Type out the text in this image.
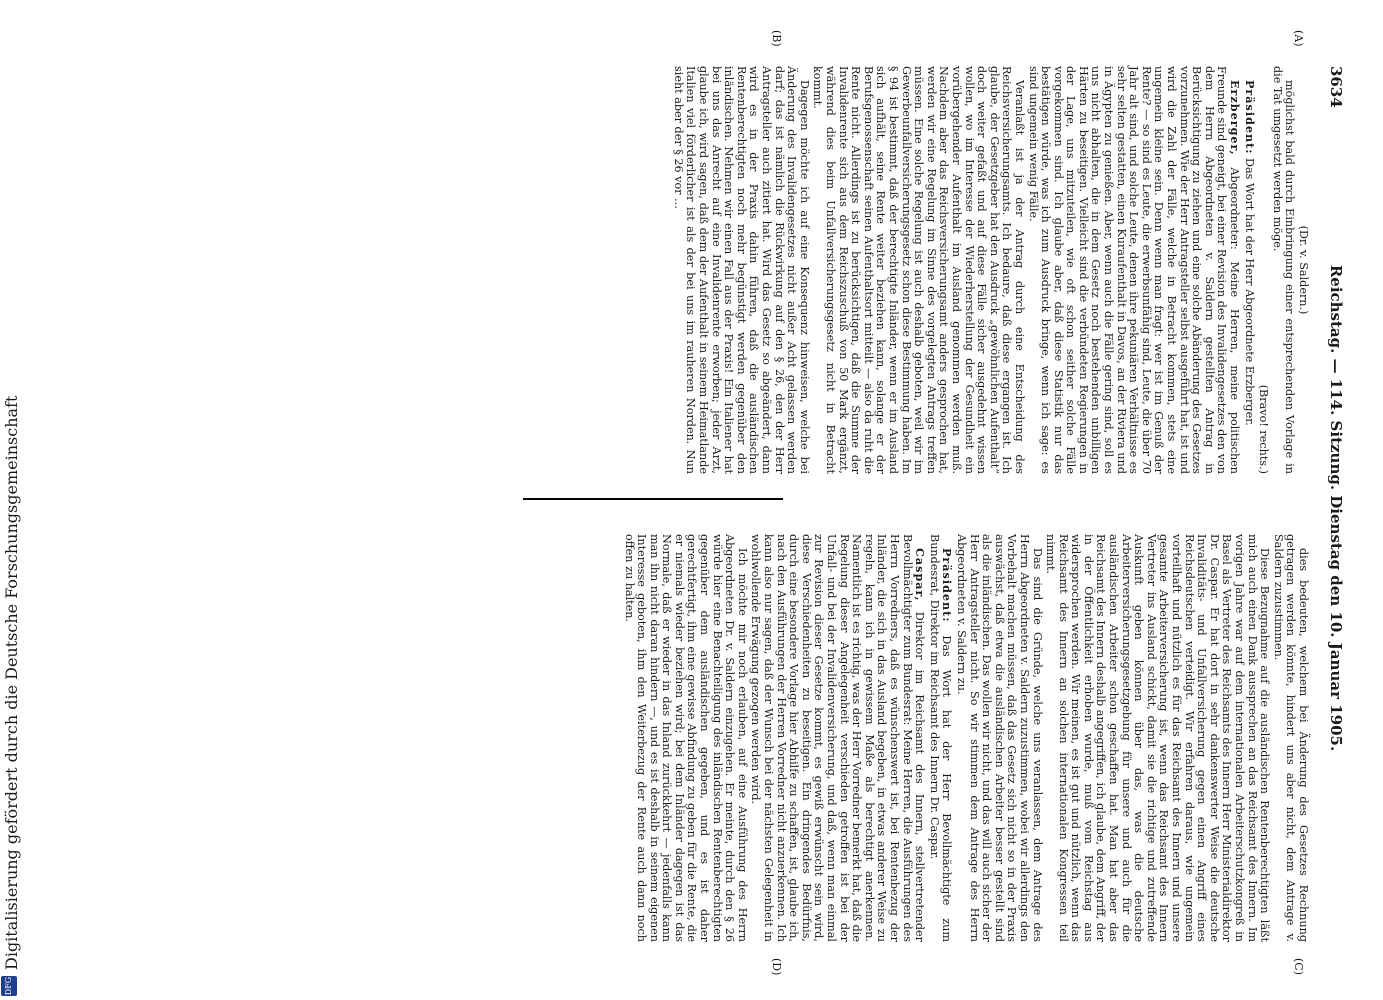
3634
Reichstag. — 114. Sitzung. Dienstag den 10. Januar 1905.
(A)
(B)
(C)
(D)

(Dr. v. Saldern.)

möglichst bald durch Einbringung einer entsprechenden Vorlage in die Tat umgesetzt werden möge.

(Bravo! rechts.)

Präsident: Das Wort hat der Herr Abgeordnete Erzberger.

Erzberger, Abgeordneter: Meine Herren, meine politischen Freunde sind geneigt, bei einer Revision des Invalidengesetzes den von dem Herrn Abgeordneten v. Saldern gestellten Antrag in Berücksichtigung zu ziehen und eine solche Abänderung des Gesetzes vorzunehmen. Wie der Herr Antragsteller selbst ausgeführt hat, ist und wird die Zahl der Fälle, welche in Betracht kommen, stets eine ungemein kleine sein. Denn wenn man fragt: wer ist im Genuß der Rente? — so sind es Leute, die erwerbsunfähig sind, Leute, die über 70 Jahr alt sind, und solche Leute, denen ihre pekuniären Verhältnisse es sehr selten gestatten, einen Kuraufenthalt in Davos, an der Riviera und in Ägypten zu genießen. Aber, wenn auch die Fälle gering sind, soll es uns nicht abhalten, die in dem Gesetz noch bestehenden unbilligen Härten zu beseitigen. Vielleicht sind die verbündeten Regierungen in der Lage, uns mitzuteilen, wie oft schon seither solche Fälle vorgekommen sind. Ich glaube aber, daß diese Statistik nur das bestätigen würde, was ich zum Ausdruck bringe, wenn ich sage: es sind ungemein wenig Fälle.

Veranlaßt ist ja der Antrag durch eine Entscheidung des Reichsversicherungsamts. Ich bedaure, daß diese ergangen ist. Ich glaube, der Gesetzgeber hat den Ausdruck „gewöhnlichen Aufenthalt“ doch weiter gefaßt und auf diese Fälle sicher ausgedehnt wissen wollen, wo im Interesse der Wiederherstellung der Gesundheit ein vorübergehender Aufenthalt im Ausland genommen werden muß. Nachdem aber das Reichsversicherungsamt anders gesprochen hat, werden wir eine Regelung im Sinne des vorgelegten Antrags treffen müssen. Eine solche Regelung ist auch deshalb geboten, weil wir im Gewerbeunfallversicherungsgesetz schon diese Bestimmung haben. Im § 94 ist bestimmt, daß der berechtigte Inländer, wenn er im Ausland sich aufhält, seine Rente weiter beziehen kann, solange er der Berufsgenossenschaft seinen Aufenthaltsort mitteilt — also da ruht die Rente nicht. Allerdings ist zu berücksichtigen, daß die Summe der Invalidenrente sich aus dem Reichszuschuß von 50 Mark ergänzt, während dies beim Unfallversicherungsgesetz nicht in Betracht kommt.

Dagegen möchte ich auf eine Konsequenz hinweisen, welche bei Änderung des Invalidengesetzes nicht außer Acht gelassen werden darf; das ist nämlich die Rückwirkung auf den § 26, den der Herr Antragsteller auch zitiert hat. Wird das Gesetz so abgeändert, dann wird es in der Praxis dahin führen, daß die ausländischen Rentenberechtigten noch mehr begünstigt werden gegenüber den inländischen. Nehmen wir einen Fall aus der Praxis! Ein Italiener hat bei uns das Anrecht auf eine Invalidenrente erworben; jeder Arzt, glaube ich, wird sagen, daß dem der Aufenthalt in seinem Heimatlande Italien viel förderlicher ist als der bei uns im rauheren Norden. Nun sieht aber der § 26 vor ...

dies bedeuten, welchem bei Änderung des Gesetzes Rechnung getragen werden könnte, hindert uns aber nicht, dem Antrage v. Saldern zuzustimmen.

Diese Bezugnahme auf die ausländischen Rentenberechtigten läßt mich auch einen Dank aussprechen an das Reichsamt des Innern. Im vorigen Jahre war auf dem internationalen Arbeiterschutzkongreß in Basel als Vertreter des Reichsamts des Innern Herr Ministerialdirektor Dr. Caspar. Er hat dort in sehr dankenswerter Weise die deutsche Invaliditäts- und Unfallversicherung gegen einen Angriff eines Reichsdeutschen verteidigt. Wir erfahren daraus, wie ungemein vorteilhaft und nützlich es für das Reichsamt des Innern und unsere gesamte Arbeiterversicherung ist, wenn das Reichsamt des Innern Vertreter ins Ausland schickt, damit sie die richtige und zutreffende Auskunft geben können über das, was die deutsche Arbeiterversicherungsgesetzgebung für unsere und auch für die ausländischen Arbeiter schon geschaffen hat. Man hat aber das Reichsamt des Innern deshalb angegriffen, ich glaube, dem Angriff, der in der Öffentlichkeit erhoben wurde, muß vom Reichstag aus widersprochen werden. Wir meinen, es ist gut und nützlich, wenn das Reichsamt des Innern an solchen internationalen Kongressen teil nimmt.

Das sind die Gründe, welche uns veranlassen, dem Antrage des Herrn Abgeordneten v. Saldern zuzustimmen, wobei wir allerdings den Vorbehalt machen müssen, daß das Gesetz sich nicht so in der Praxis auswächst, daß etwa die ausländischen Arbeiter besser gestellt sind als die inländischen. Das wollen wir nicht, und das will auch sicher der Herr Antragsteller nicht. So wir stimmen dem Antrage des Herrn Abgeordneten v. Saldern zu.

Präsident: Das Wort hat der Herr Bevollmächtigte zum Bundesrat, Direktor im Reichsamt des Innern Dr. Caspar.

Caspar, Direktor im Reichsamt des Innern, stellvertretender Bevollmächtigter zum Bundesrat: Meine Herren, die Ausführungen des Herrn Vorredners, daß es wünschenswert ist, bei Rentenbezug der Inländer, die sich in das Ausland begeben, in etwas anderer Weise zu regeln, kann ich in gewissem Maße als berechtigt anerkennen. Namentlich ist es richtig, was der Herr Vorredner bemerkt hat, daß die Regelung dieser Angelegenheit verschieden getroffen ist bei der Unfall- und bei der Invalidenversicherung, und daß, wenn man einmal zur Revision dieser Gesetze kommt, es gewiß erwünscht sein wird, diese Verschiedenheiten zu beseitigen. Ein dringendes Bedürfnis, durch eine besondere Vorlage hier Abhilfe zu schaffen, ist, glaube ich, nach den Ausführungen der Herren Vorredner nicht anzuerkennen. Ich kann also nur sagen, daß der Wunsch bei der nächsten Gelegenheit in wohlwollende Erwägung gezogen werden wird.

Ich möchte mir noch erlauben, auf eine Ausführung des Herrn Abgeordneten Dr. v. Saldern einzugehen. Er meinte, durch den § 26 würde hier eine Benachteiligung des inländischen Rentenberechtigten gegenüber dem ausländischen gegeben, und es ist daher gerechtfertigt, ihm eine gewisse Abfindung zu geben für die Rente, die er niemals wieder beziehen wird; bei dem Inländer dagegen ist das Normale, daß er wieder in das Inland zurückkehrt — jedenfalls kann man ihn nicht daran hindern —, und es ist deshalb in seinem eigenen Interesse geboten, ihm den Weiterbezug der Rente auch dann noch offen zu halten.

DFG
Digitalisierung gefördert durch die Deutsche Forschungsgemeinschaft
